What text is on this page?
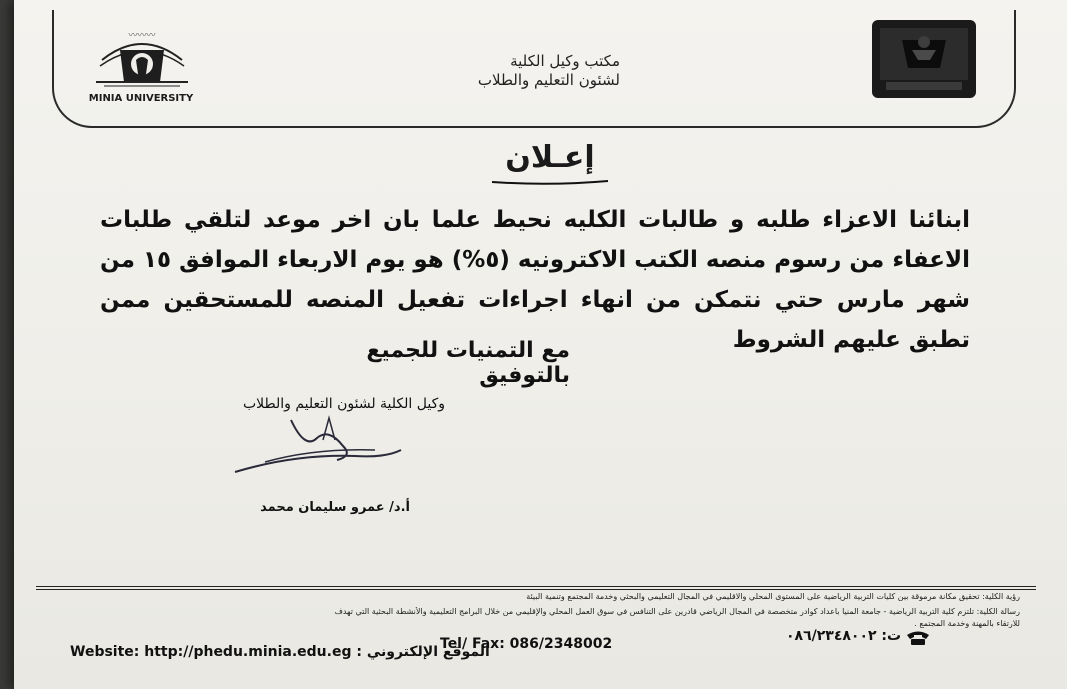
〰〰〰
MINIA UNIVERSITY
مكتب وكيل الكلية
لشئون التعليم والطلاب
إعـلان
ابنائنا الاعزاء طلبه و طالبات الكليه نحيط علما بان اخر موعد لتلقي طلبات الاعفاء من رسوم منصه الكتب الاكترونيه (٥%) هو يوم الاربعاء الموافق ١٥ من شهر مارس حتي نتمكن من انهاء اجراءات تفعيل المنصه للمستحقين ممن تطبق عليهم الشروط
مع التمنيات للجميع بالتوفيق
وكيل الكلية لشئون التعليم والطلاب
أ.د/ عمرو سليمان محمد
رؤية الكلية: تحقيق مكانة مرموقة بين كليات التربية الرياضية على المستوى المحلي والاقليمي في المجال التعليمي والبحثي وخدمة المجتمع وتنمية البيئة
رسالة الكلية: تلتزم كلية التربية الرياضية - جامعة المنيا باعداد كوادر متخصصة في المجال الرياضي قادرين على التنافس في سوق العمل المحلي والإقليمي من خلال البرامج التعليمية والأنشطة البحثية التي تهدف
للارتقاء بالمهنة وخدمة المجتمع .
Website: http://phedu.minia.edu.eg : الموقع الإلكتروني
Tel/ Fax: 086/2348002	ت: ٠٨٦/٢٣٤٨٠٠٢
